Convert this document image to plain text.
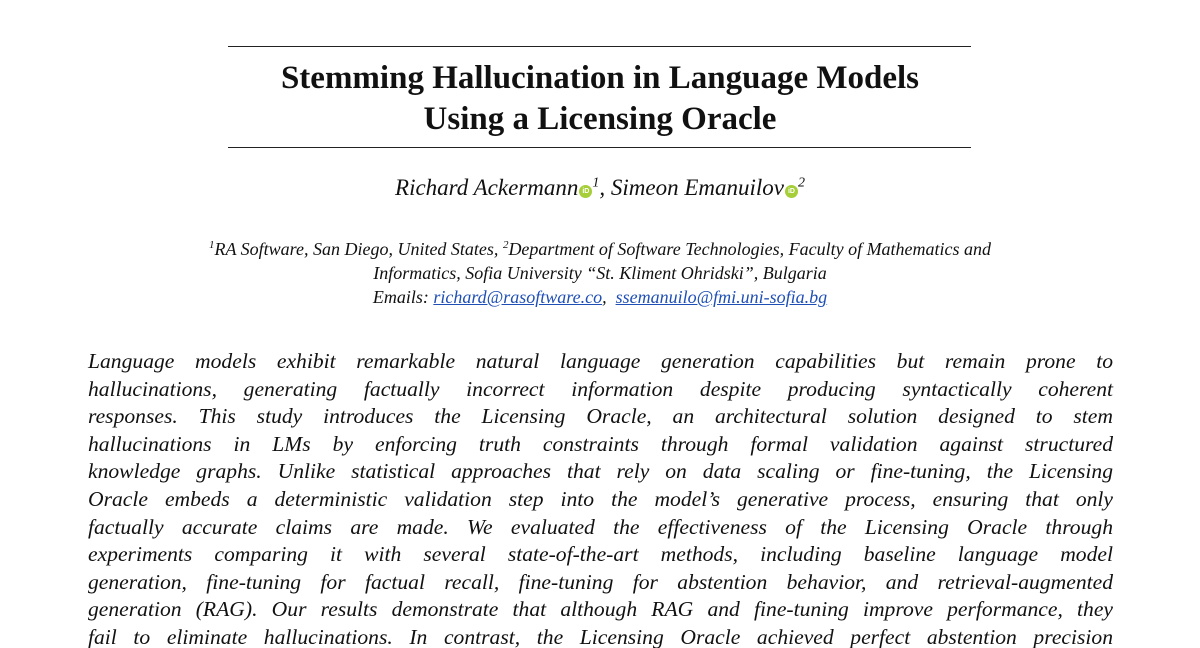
Stemming Hallucination in Language Models
Using a Licensing Oracle
Richard Ackermann $iD^1$, Simeon Emanuilov $iD^2$
$^1$RA Software, San Diego, United States, $^2$Department of Software Technologies, Faculty of Mathematics and
Informatics, Sofia University “St. Kliment Ohridski”, Bulgaria
Emails: richard@rasoftware.co,  ssemanuilo@fmi.uni-sofia.bg
Language models exhibit remarkable natural language generation capabilities but remain prone to
hallucinations, generating factually incorrect information despite producing syntactically coherent
responses. This study introduces the Licensing Oracle, an architectural solution designed to stem
hallucinations in LMs by enforcing truth constraints through formal validation against structured
knowledge graphs. Unlike statistical approaches that rely on data scaling or fine-tuning, the Licensing
Oracle embeds a deterministic validation step into the model’s generative process, ensuring that only
factually accurate claims are made. We evaluated the effectiveness of the Licensing Oracle through
experiments comparing it with several state-of-the-art methods, including baseline language model
generation, fine-tuning for factual recall, fine-tuning for abstention behavior, and retrieval-augmented
generation (RAG). Our results demonstrate that although RAG and fine-tuning improve performance, they
fail to eliminate hallucinations. In contrast, the Licensing Oracle achieved perfect abstention precision
